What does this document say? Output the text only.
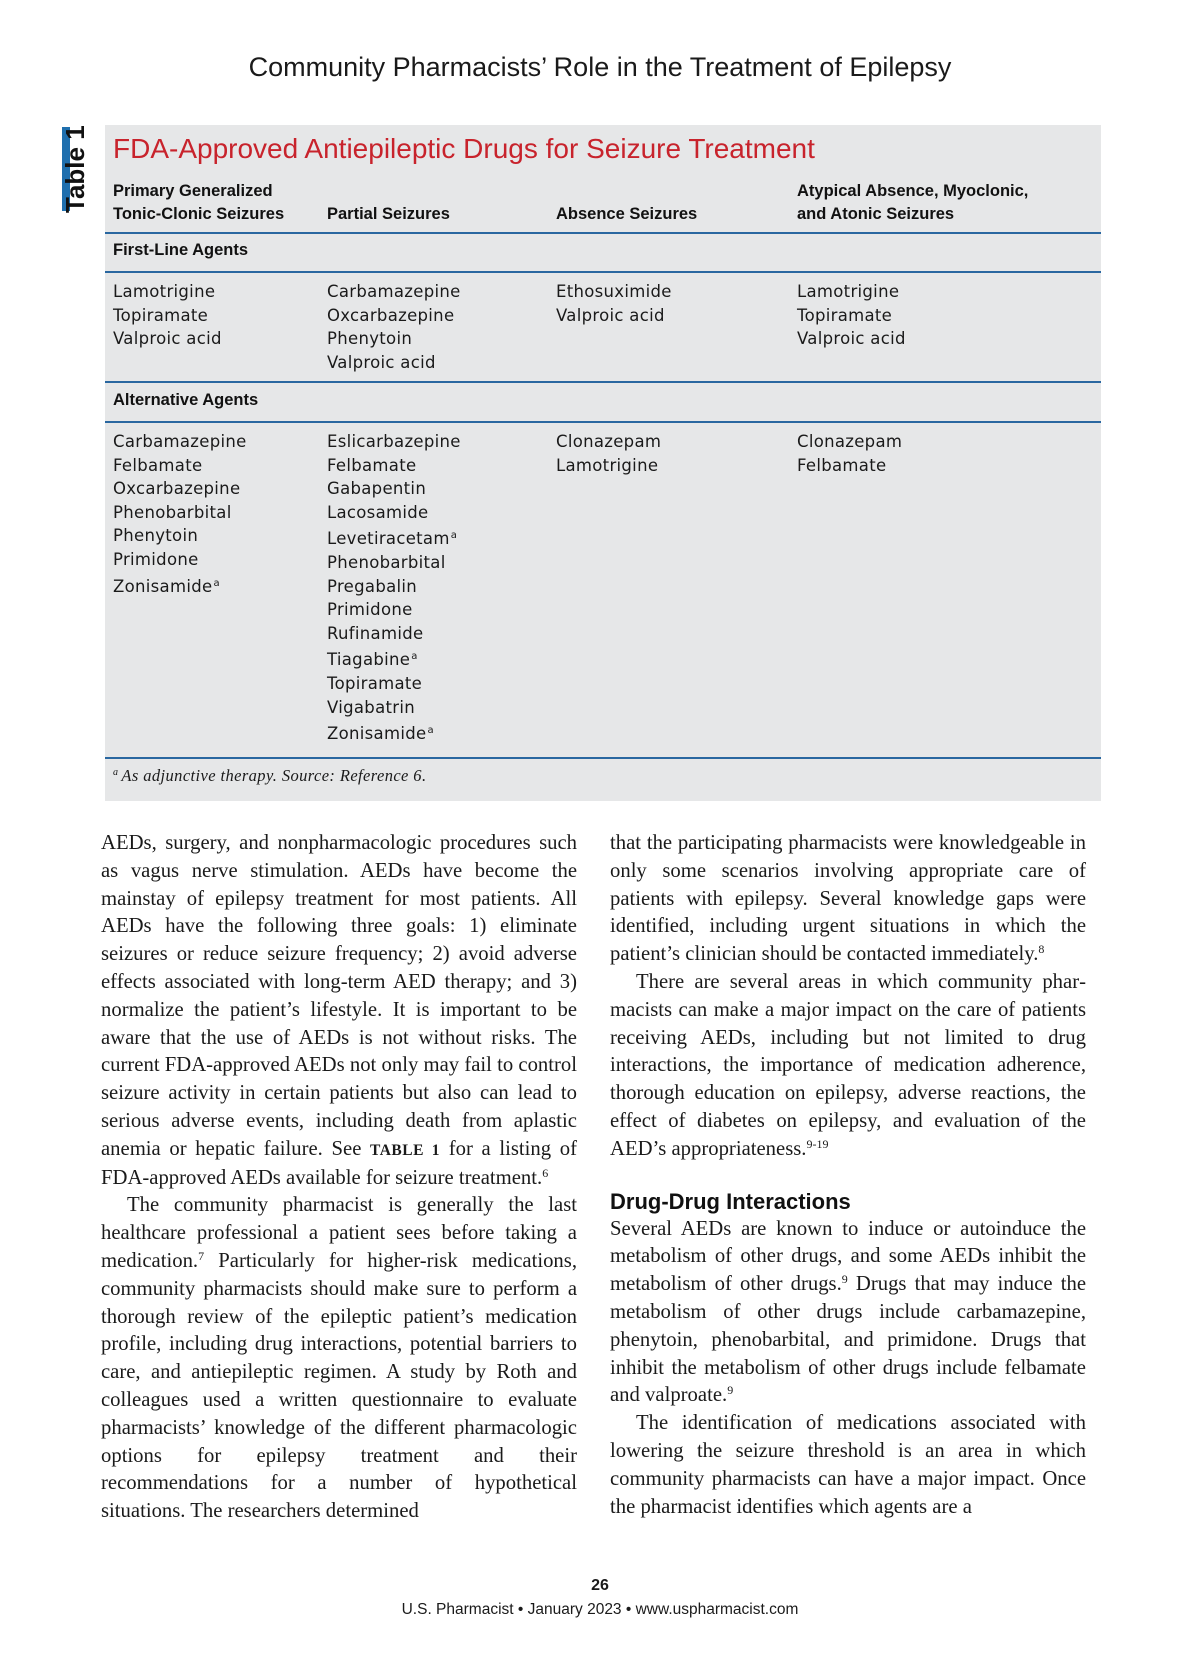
Community Pharmacists’ Role in the Treatment of Epilepsy
Table 1 FDA-Approved Antiepileptic Drugs for Seizure Treatment
Primary Generalized
Tonic-Clonic Seizures	Partial Seizures	Absence Seizures
Atypical Absence, Myoclonic,
and Atonic Seizures
First-Line Agents
Lamotrigine
Topiramate
Valproic acid
Carbamazepine
Oxcarbazepine
Phenytoin
Valproic acid
Ethosuximide
Valproic acid
Lamotrigine
Topiramate
Valproic acid
Alternative Agents
Carbamazepine
Felbamate
Oxcarbazepine
Phenobarbital
Phenytoin
Primidone
Zonisamide$^a$
Eslicarbazepine
Felbamate
Gabapentin
Lacosamide
Levetiracetam$^a$
Phenobarbital
Pregabalin
Primidone
Rufinamide
Tiagabine$^a$
Topiramate
Vigabatrin
Zonisamide$^a$
Clonazepam
Lamotrigine
Clonazepam
Felbamate
$^a$ As adjunctive therapy. Source: Reference 6.

AEDs, surgery, and nonpharmacologic procedures such as vagus nerve stimulation. AEDs have become the mainstay of epilepsy treatment for most patients. All AEDs have the following three goals: 1) eliminate seizures or reduce seizure frequency; 2) avoid adverse effects associated with long-term AED therapy; and 3) normalize the patient’s lifestyle. It is important to be aware that the use of AEDs is not without risks. The current FDA-approved AEDs not only may fail to control seizure activity in certain patients but also can lead to serious adverse events, including death from aplastic anemia or hepatic failure. See TABLE 1 for a listing of FDA-approved AEDs available for seizure treatment.$^6$

The community pharmacist is generally the last healthcare professional a patient sees before taking a medication.$^7$ Particularly for higher-risk medications, community pharmacists should make sure to perform a thorough review of the epileptic patient’s medication profile, including drug interactions, potential barriers to care, and antiepileptic regimen. A study by Roth and colleagues used a written questionnaire to evaluate pharmacists’ knowledge of the different pharmacologic options for epilepsy treatment and their recommendations for a number of hypothetical situations. The researchers determined

that the participating pharmacists were knowledgeable in only some scenarios involving appropriate care of patients with epilepsy. Several knowledge gaps were identified, including urgent situations in which the patient’s clinician should be contacted immediately.$^8$

There are several areas in which community pharmacists can make a major impact on the care of patients receiving AEDs, including but not limited to drug interactions, the importance of medication adherence, thorough education on epilepsy, adverse reactions, the effect of diabetes on epilepsy, and evaluation of the AED’s appropriateness.$^{9-19}$

Drug-Drug Interactions

Several AEDs are known to induce or autoinduce the metabolism of other drugs, and some AEDs inhibit the metabolism of other drugs.$^9$ Drugs that may induce the metabolism of other drugs include carbamazepine, phenytoin, phenobarbital, and primidone. Drugs that inhibit the metabolism of other drugs include felbamate and valproate.$^9$

The identification of medications associated with lowering the seizure threshold is an area in which community pharmacists can have a major impact. Once the pharmacist identifies which agents are a

26
U.S. Pharmacist • January 2023 • www.uspharmacist.com
